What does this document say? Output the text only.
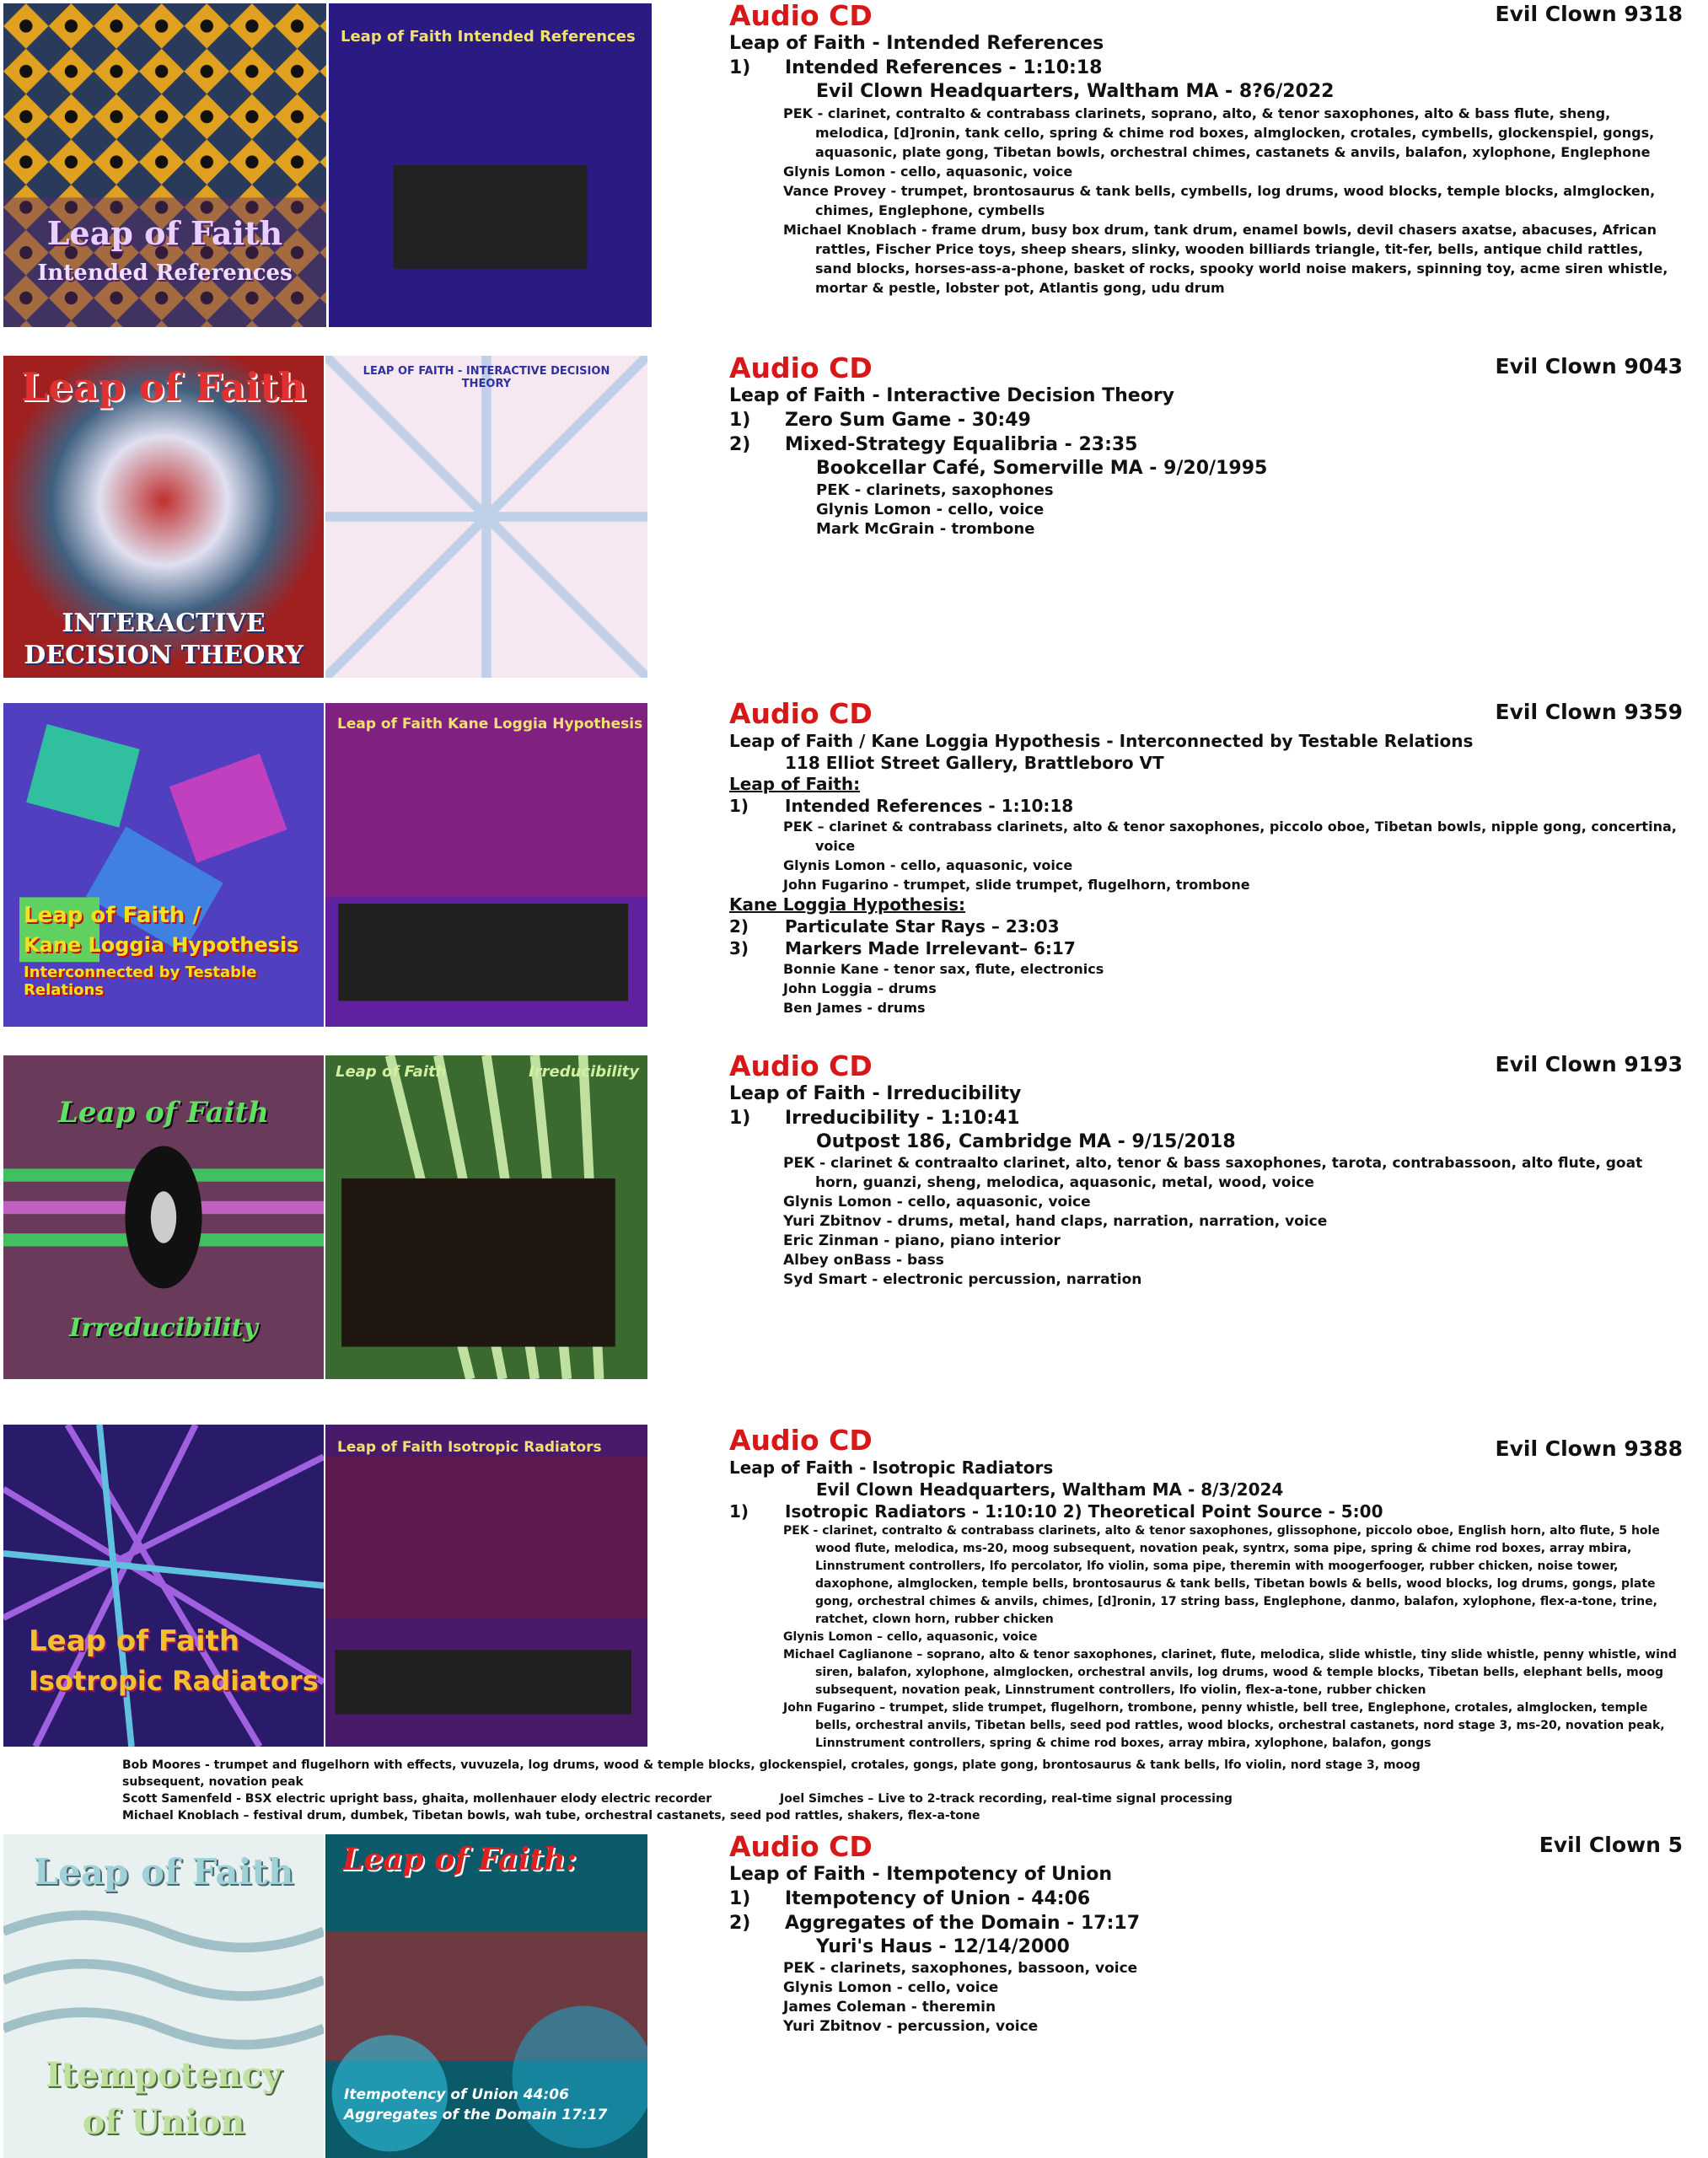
Leap of Faith
Intended References
Leap of Faith Intended References
Audio CD	Evil Clown 9318
Leap of Faith - Intended References
1)	Intended References - 1:10:18
Evil Clown Headquarters, Waltham MA - 8?6/2022
PEK - clarinet, contralto & contrabass clarinets, soprano, alto, & tenor saxophones, alto & bass flute, sheng, melodica, [d]ronin, tank cello, spring & chime rod boxes, almglocken, crotales, cymbells, glockenspiel, gongs, aquasonic, plate gong, Tibetan bowls, orchestral chimes, castanets & anvils, balafon, xylophone, Englephone
Glynis Lomon - cello, aquasonic, voice
Vance Provey - trumpet, brontosaurus & tank bells, cymbells, log drums, wood blocks, temple blocks, almglocken, chimes, Englephone, cymbells
Michael Knoblach - frame drum, busy box drum, tank drum, enamel bowls, devil chasers axatse, abacuses, African rattles, Fischer Price toys, sheep shears, slinky, wooden billiards triangle, tit-fer, bells, antique child rattles, sand blocks, horses-ass-a-phone, basket of rocks, spooky world noise makers, spinning toy, acme siren whistle, mortar & pestle, lobster pot, Atlantis gong, udu drum
Leap of Faith
INTERACTIVE
DECISION THEORY
LEAP OF FAITH - INTERACTIVE DECISION THEORY	Audio CD	Evil Clown 9043
Leap of Faith - Interactive Decision Theory
1)	Zero Sum Game - 30:49
2)	Mixed-Strategy Equalibria - 23:35
Bookcellar Café, Somerville MA - 9/20/1995
PEK - clarinets, saxophones
Glynis Lomon - cello, voice
Mark McGrain - trombone
Leap of Faith /
Kane Loggia Hypothesis
Interconnected by Testable Relations
Leap of Faith Kane Loggia Hypothesis	Audio CD	Evil Clown 9359
Leap of Faith / Kane Loggia Hypothesis - Interconnected by Testable Relations
118 Elliot Street Gallery, Brattleboro VT
Leap of Faith:
1)	Intended References - 1:10:18
PEK – clarinet & contrabass clarinets, alto & tenor saxophones, piccolo oboe, Tibetan bowls, nipple gong, concertina, voice
Glynis Lomon - cello, aquasonic, voice
John Fugarino - trumpet, slide trumpet, flugelhorn, trombone
Kane Loggia Hypothesis:
2)	Particulate Star Rays – 23:03
3)	Markers Made Irrelevant– 6:17
Bonnie Kane - tenor sax, flute, electronics
John Loggia – drums
Ben James - drums
Leap of Faith
Irreducibility
Leap of Faith	Irreducibility	Audio CD	Evil Clown 9193
Leap of Faith - Irreducibility
1)	Irreducibility - 1:10:41
Outpost 186, Cambridge MA - 9/15/2018
PEK - clarinet & contraalto clarinet, alto, tenor & bass saxophones, tarota, contrabassoon, alto flute, goat horn, guanzi, sheng, melodica, aquasonic, metal, wood, voice
Glynis Lomon - cello, aquasonic, voice
Yuri Zbitnov - drums, metal, hand claps, narration, narration, voice
Eric Zinman - piano, piano interior
Albey onBass - bass
Syd Smart - electronic percussion, narration
Leap of Faith
Isotropic Radiators
Leap of Faith Isotropic Radiators	Audio CD	Evil Clown 9388
Leap of Faith - Isotropic Radiators
Evil Clown Headquarters, Waltham MA - 8/3/2024
1)	Isotropic Radiators - 1:10:10 2) Theoretical Point Source - 5:00
PEK - clarinet, contralto & contrabass clarinets, alto & tenor saxophones, glissophone, piccolo oboe, English horn, alto flute, 5 hole wood flute, melodica, ms-20, moog subsequent, novation peak, syntrx, soma pipe, spring & chime rod boxes, array mbira, Linnstrument controllers, lfo percolator, lfo violin, soma pipe, theremin with moogerfooger, rubber chicken, noise tower, daxophone, almglocken, temple bells, brontosaurus & tank bells, Tibetan bowls & bells, wood blocks, log drums, gongs, plate gong, orchestral chimes & anvils, chimes, [d]ronin, 17 string bass, Englephone, danmo, balafon, xylophone, flex-a-tone, trine, ratchet, clown horn, rubber chicken
Glynis Lomon – cello, aquasonic, voice
Michael Caglianone – soprano, alto & tenor saxophones, clarinet, flute, melodica, slide whistle, tiny slide whistle, penny whistle, wind siren, balafon, xylophone, almglocken, orchestral anvils, log drums, wood & temple blocks, Tibetan bells, elephant bells, moog subsequent, novation peak, Linnstrument controllers, lfo violin, flex-a-tone, rubber chicken
John Fugarino – trumpet, slide trumpet, flugelhorn, trombone, penny whistle, bell tree, Englephone, crotales, almglocken, temple bells, orchestral anvils, Tibetan bells, seed pod rattles, wood blocks, orchestral castanets, nord stage 3, ms-20, novation peak, Linnstrument controllers, spring & chime rod boxes, array mbira, xylophone, balafon, gongs
Bob Moores - trumpet and flugelhorn with effects, vuvuzela, log drums, wood & temple blocks, glockenspiel, crotales, gongs, plate gong, brontosaurus & tank bells, lfo violin, nord stage 3, moog subsequent, novation peak
Scott Samenfeld - BSX electric upright bass, ghaita, mollenhauer elody electric recorder	Joel Simches – Live to 2-track recording, real-time signal processing
Michael Knoblach – festival drum, dumbek, Tibetan bowls, wah tube, orchestral castanets, seed pod rattles, shakers, flex-a-tone
Leap of Faith
Itempotency
of Union
Leap of Faith:
Itempotency of Union 44:06
Aggregates of the Domain 17:17
Audio CD	Evil Clown 5
Leap of Faith - Itempotency of Union
1)	Itempotency of Union - 44:06
2)	Aggregates of the Domain - 17:17
Yuri's Haus - 12/14/2000
PEK - clarinets, saxophones, bassoon, voice
Glynis Lomon - cello, voice
James Coleman - theremin
Yuri Zbitnov - percussion, voice
